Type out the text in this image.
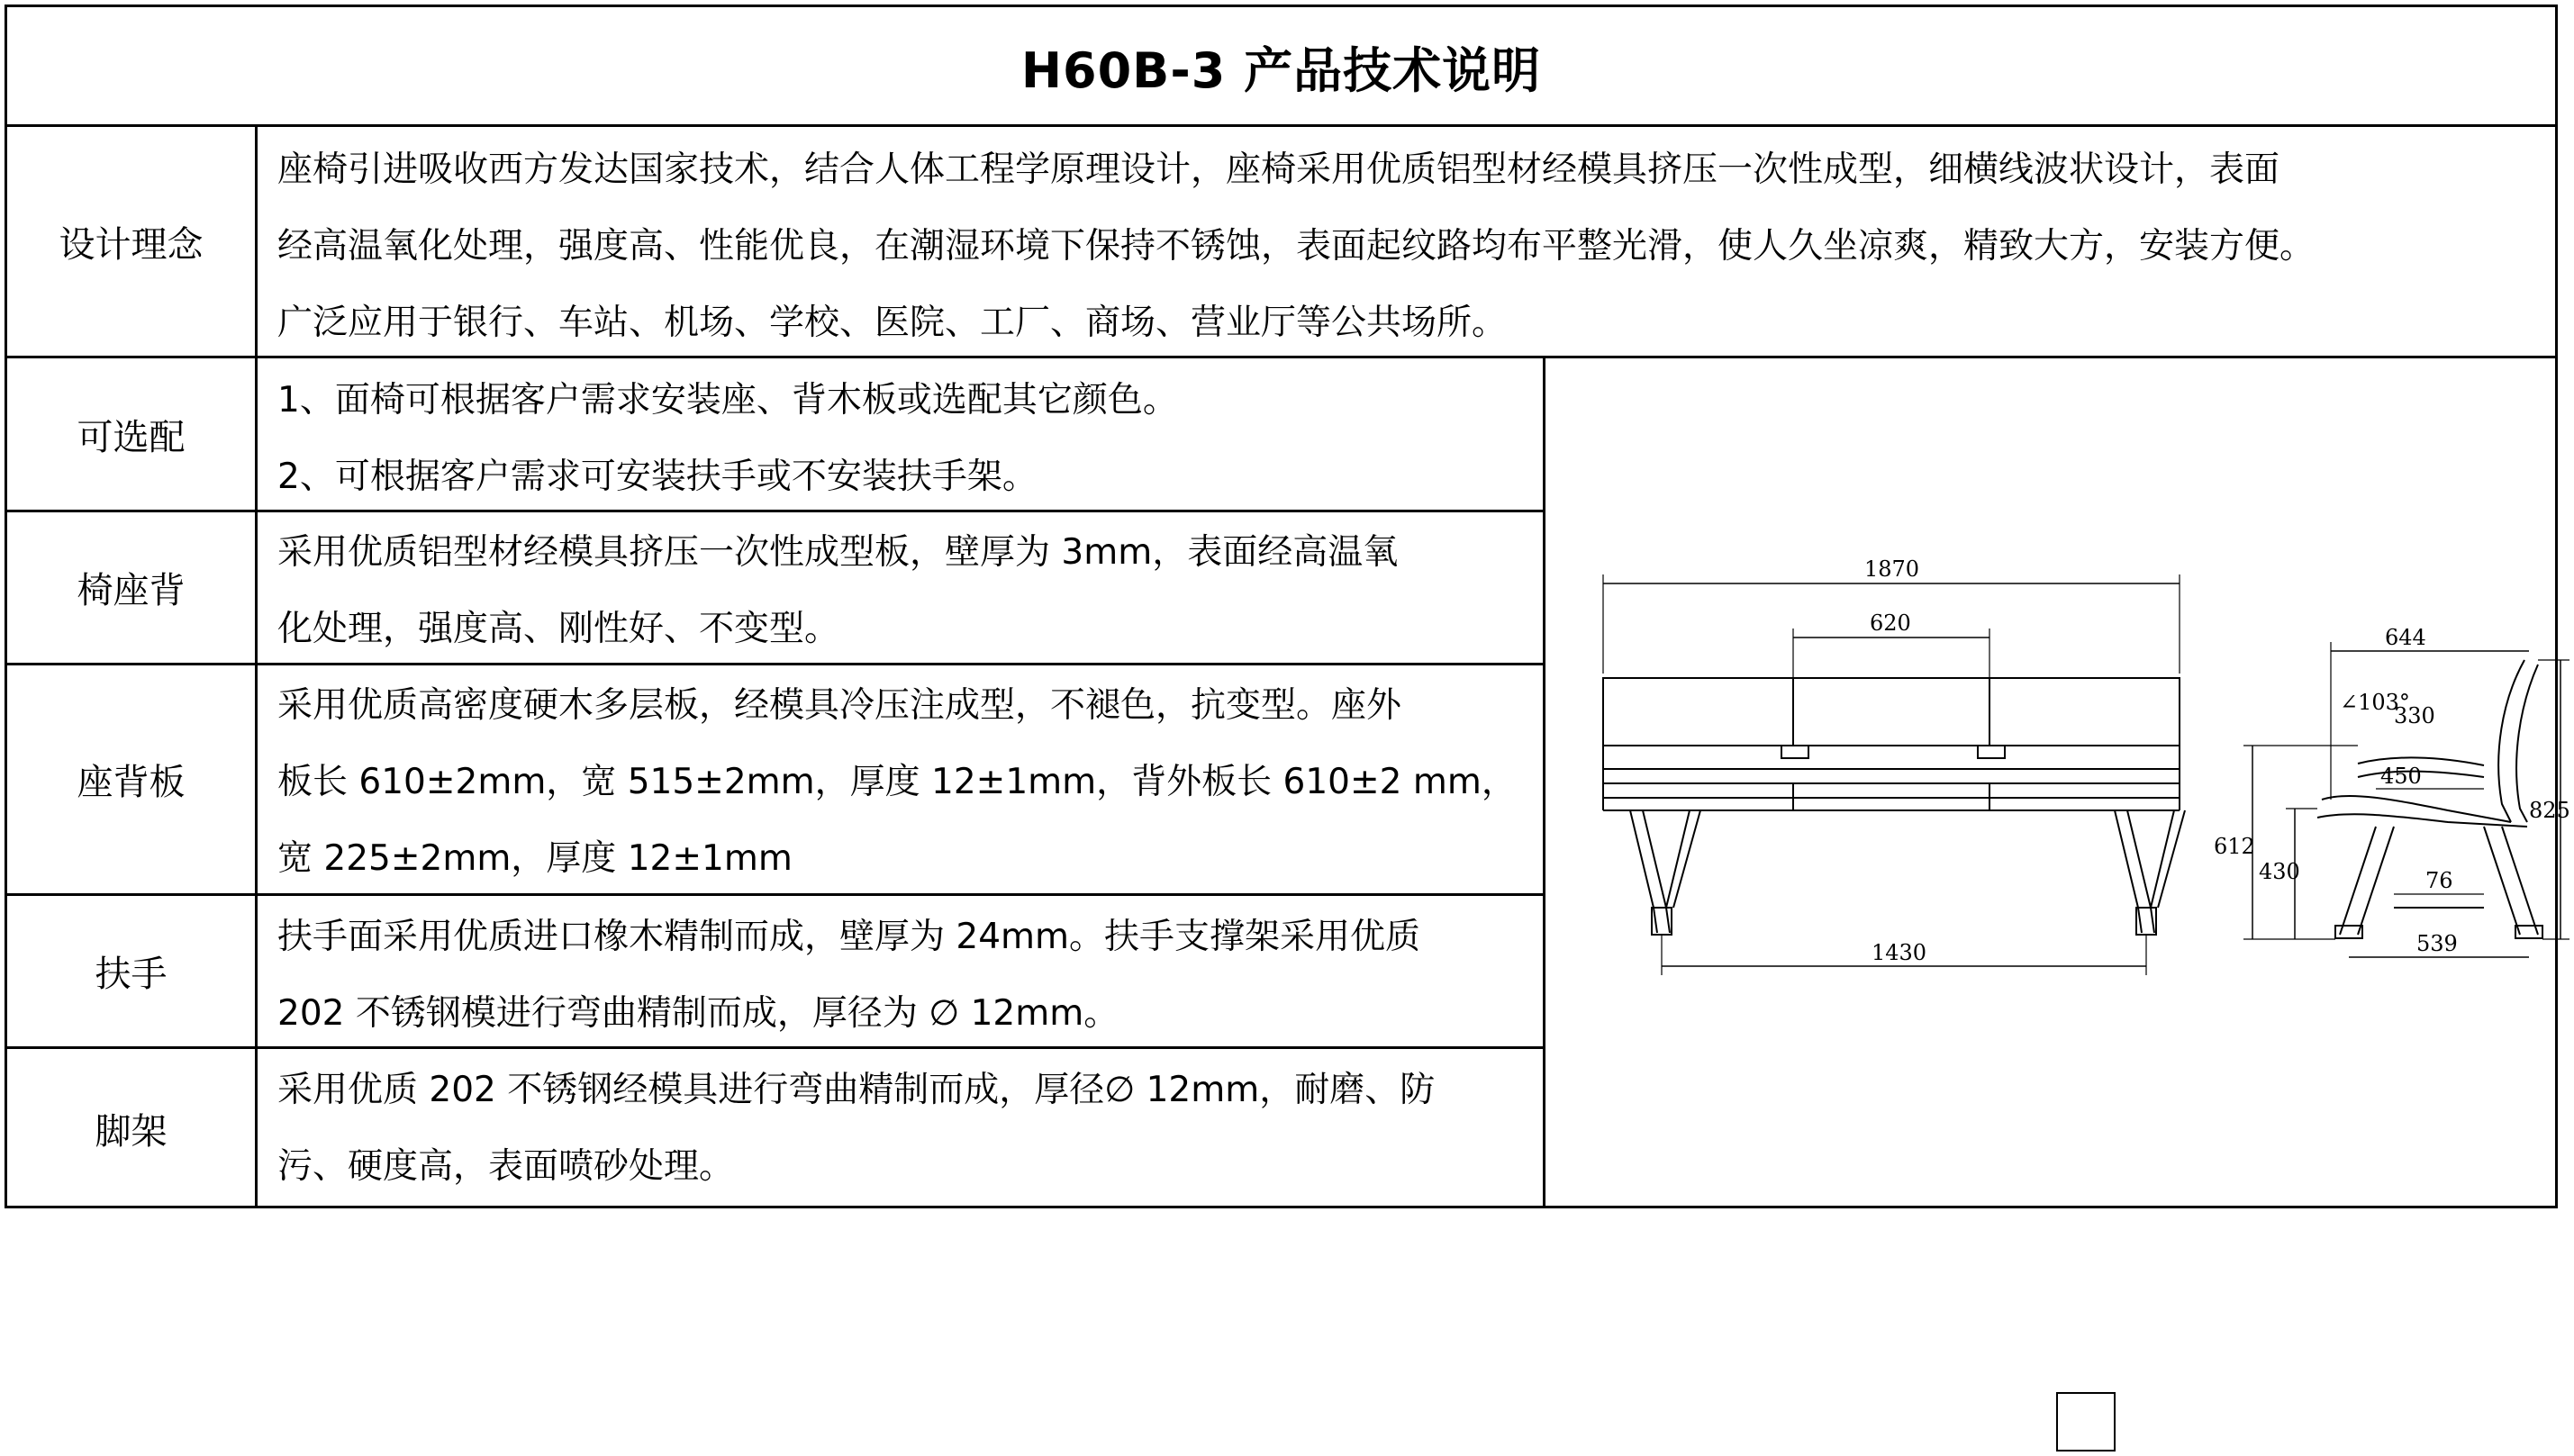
H60B-3 产品技术说明
设计理念
座椅引进吸收西方发达国家技术，结合人体工程学原理设计，座椅采用优质铝型材经模具挤压一次性成型，细横线波状设计，表面
经高温氧化处理，强度高、性能优良，在潮湿环境下保持不锈蚀，表面起纹路均布平整光滑，使人久坐凉爽，精致大方，安装方便。
广泛应用于银行、车站、机场、学校、医院、工厂、商场、营业厅等公共场所。
可选配
1、面椅可根据客户需求安装座、背木板或选配其它颜色。
2、可根据客户需求可安装扶手或不安装扶手架。
椅座背
采用优质铝型材经模具挤压一次性成型板，壁厚为 3mm，表面经高温氧
化处理，强度高、刚性好、不变型。
座背板
采用优质高密度硬木多层板，经模具冷压注成型，不褪色，抗变型。座外
板长 610±2mm，宽 515±2mm，厚度 12±1mm，背外板长 610±2 mm，
宽 225±2mm，厚度 12±1mm
扶手
扶手面采用优质进口橡木精制而成，壁厚为 24mm。扶手支撑架采用优质
202 不锈钢模进行弯曲精制而成，厚径为 ∅ 12mm。
脚架
采用优质 202 不锈钢经模具进行弯曲精制而成，厚径∅ 12mm，耐磨、防
污、硬度高，表面喷砂处理。
1870
620
1430
644
∠103°
330
450
825
612
430	76
539
